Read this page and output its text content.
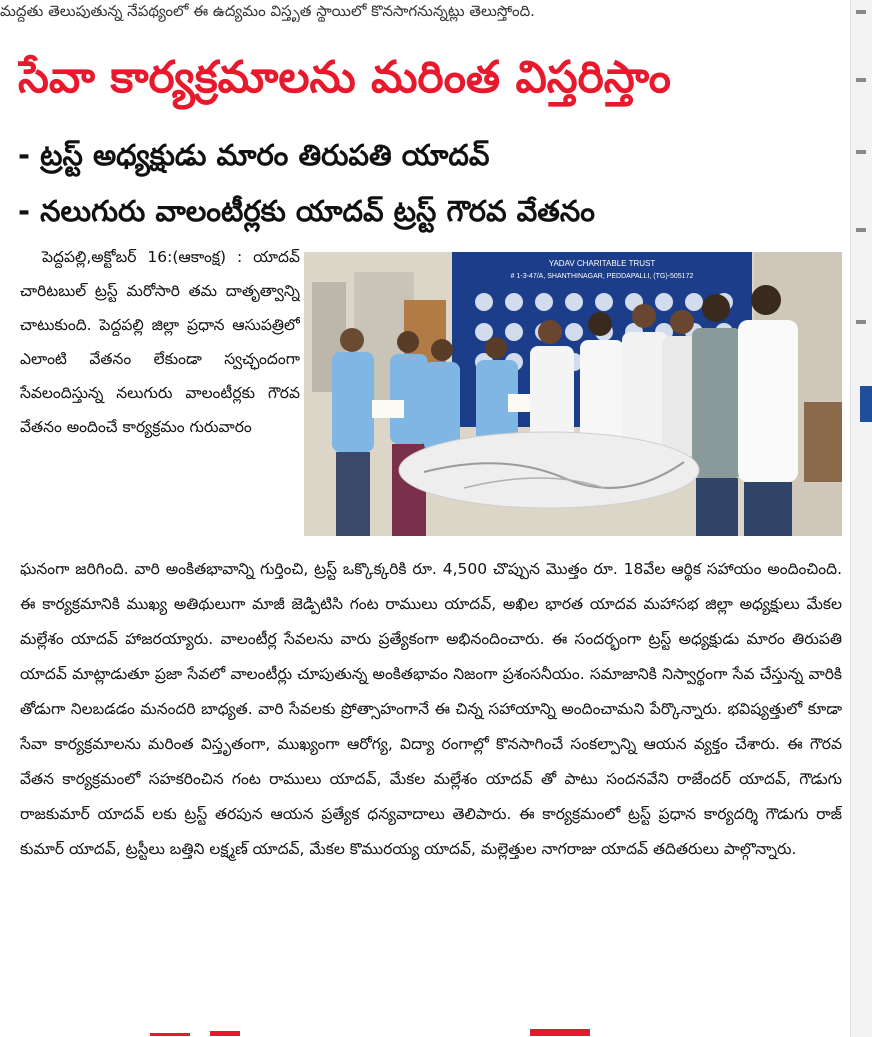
మద్దతు తెలుపుతున్న నేపథ్యంలో ఈ ఉద్యమం విస్తృత స్థాయిలో కొనసాగనున్నట్లు తెలుస్తోంది.
సేవా కార్యక్రమాలను మరింత విస్తరిస్తాం
- ట్రస్ట్ అధ్యక్షుడు మారం తిరుపతి యాదవ్
- నలుగురు వాలంటీర్లకు యాదవ్ ట్రస్ట్ గౌరవ వేతనం
పెద్దపల్లి,అక్టోబర్ 16:(ఆకాంక్ష) : యాదవ్ చారిటబుల్ ట్రస్ట్ మరోసారి తమ దాతృత్వాన్ని చాటుకుంది. పెద్దపల్లి జిల్లా ప్రధాన ఆసుపత్రిలో ఎలాంటి వేతనం లేకుండా స్వచ్ఛందంగా సేవలందిస్తున్న నలుగురు వాలంటీర్లకు గౌరవ వేతనం అందించే కార్యక్రమం గురువారం
YADAV CHARITABLE TRUST
# 1-3-47/A, SHANTHINAGAR, PEDDAPALLI, (TG)-505172
ఘనంగా జరిగింది. వారి అంకితభావాన్ని గుర్తించి, ట్రస్ట్ ఒక్కొక్కరికి రూ. 4,500 చొప్పున మొత్తం రూ. 18వేల ఆర్థిక సహాయం అందించింది. ఈ కార్యక్రమానికి ముఖ్య అతిథులుగా మాజీ జెడ్పిటిసి గంట రాములు యాదవ్, అఖిల భారత యాదవ మహాసభ జిల్లా అధ్యక్షులు మేకల మల్లేశం యాదవ్ హాజరయ్యారు. వాలంటీర్ల సేవలను వారు ప్రత్యేకంగా అభినందించారు. ఈ సందర్భంగా ట్రస్ట్ అధ్యక్షుడు మారం తిరుపతి యాదవ్ మాట్లాడుతూ ప్రజా సేవలో వాలంటీర్లు చూపుతున్న అంకితభావం నిజంగా ప్రశంసనీయం. సమాజానికి నిస్వార్థంగా సేవ చేస్తున్న వారికి తోడుగా నిలబడడం మనందరి బాధ్యత. వారి సేవలకు ప్రోత్సాహంగానే ఈ చిన్న సహాయాన్ని అందించామని పేర్కొన్నారు. భవిష్యత్తులో కూడా సేవా కార్యక్రమాలను మరింత విస్తృతంగా, ముఖ్యంగా ఆరోగ్య, విద్యా రంగాల్లో కొనసాగించే సంకల్పాన్ని ఆయన వ్యక్తం చేశారు. ఈ గౌరవ వేతన కార్యక్రమంలో సహకరించిన గంట రాములు యాదవ్, మేకల మల్లేశం యాదవ్ తో పాటు సందనవేని రాజేందర్ యాదవ్, గౌడుగు రాజకుమార్ యాదవ్ లకు ట్రస్ట్ తరపున ఆయన ప్రత్యేక ధన్యవాదాలు తెలిపారు. ఈ కార్యక్రమంలో ట్రస్ట్ ప్రధాన కార్యదర్శి గౌడుగు రాజ్ కుమార్ యాదవ్, ట్రస్టీలు బత్తిని లక్ష్మణ్ యాదవ్, మేకల కొమురయ్య యాదవ్, మల్లెత్తుల నాగరాజు యాదవ్ తదితరులు పాల్గొన్నారు.
